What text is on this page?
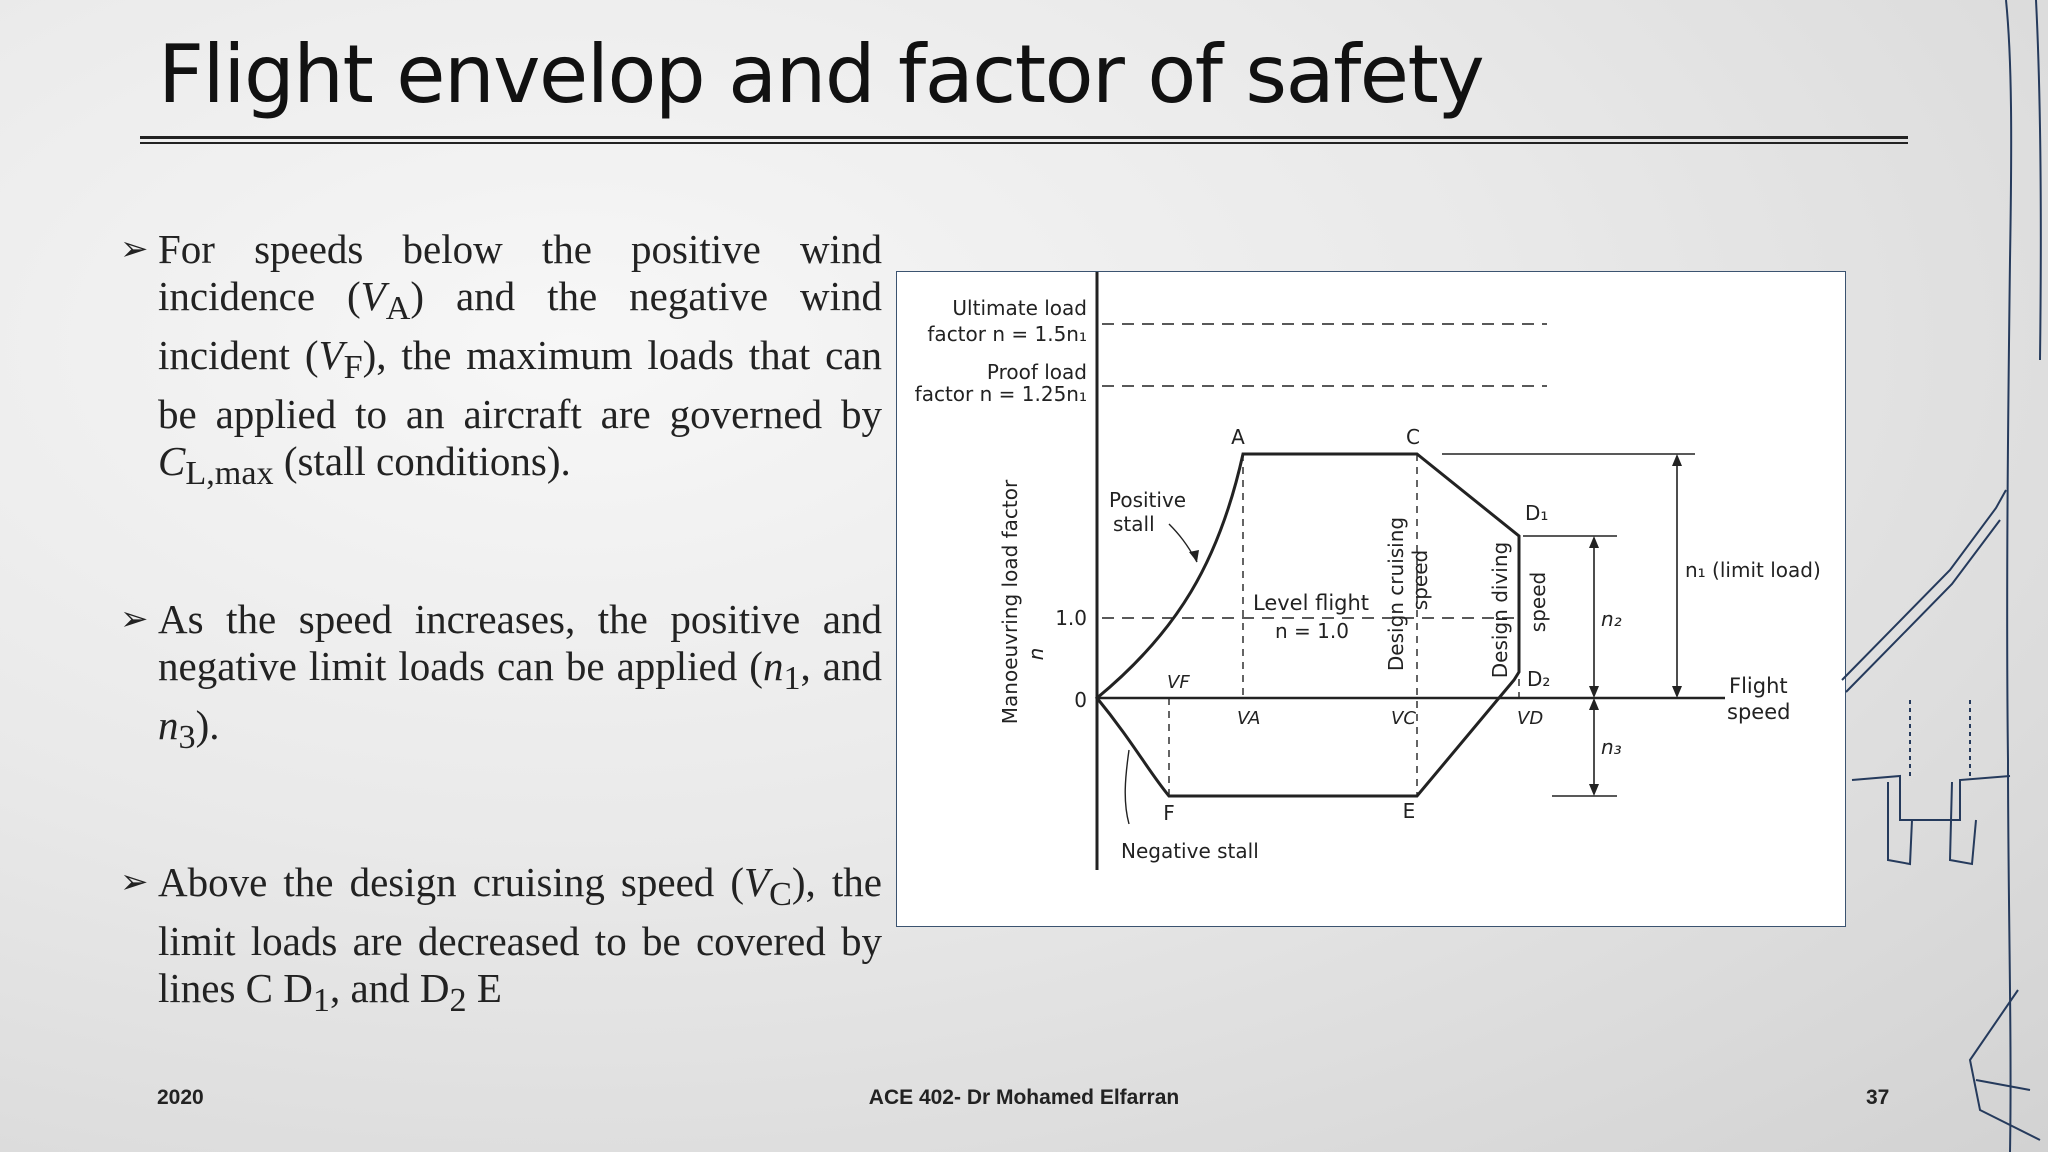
Flight envelop and factor of safety
➢ For speeds below the positive wind incidence $(V_A)$ and the negative wind incident $(V_F)$, the maximum loads that can be applied to an aircraft are governed by $C_{L,max}$ (stall conditions).
➢ As the speed increases, the positive and negative limit loads can be applied ($n_1$, and $n_3$).
➢ Above the design cruising speed $(V_C)$, the limit loads are decreased to be covered by lines C $D_1$, and $D_2$ E
Ultimate load
factor n = 1.5n₁
Proof load
factor n = 1.25n₁
Manoeuvring load factor n
1.0
0
A	C
D₁
D₂
E
F
Positive
stall
Negative stall
Level flight
n = 1.0 Design cruising speed	Design diving speed
VF
VA	VC	VD
n₁ (limit load)
n₂
n₃
Flight
speed
2020	ACE 402- Dr Mohamed Elfarran	37
